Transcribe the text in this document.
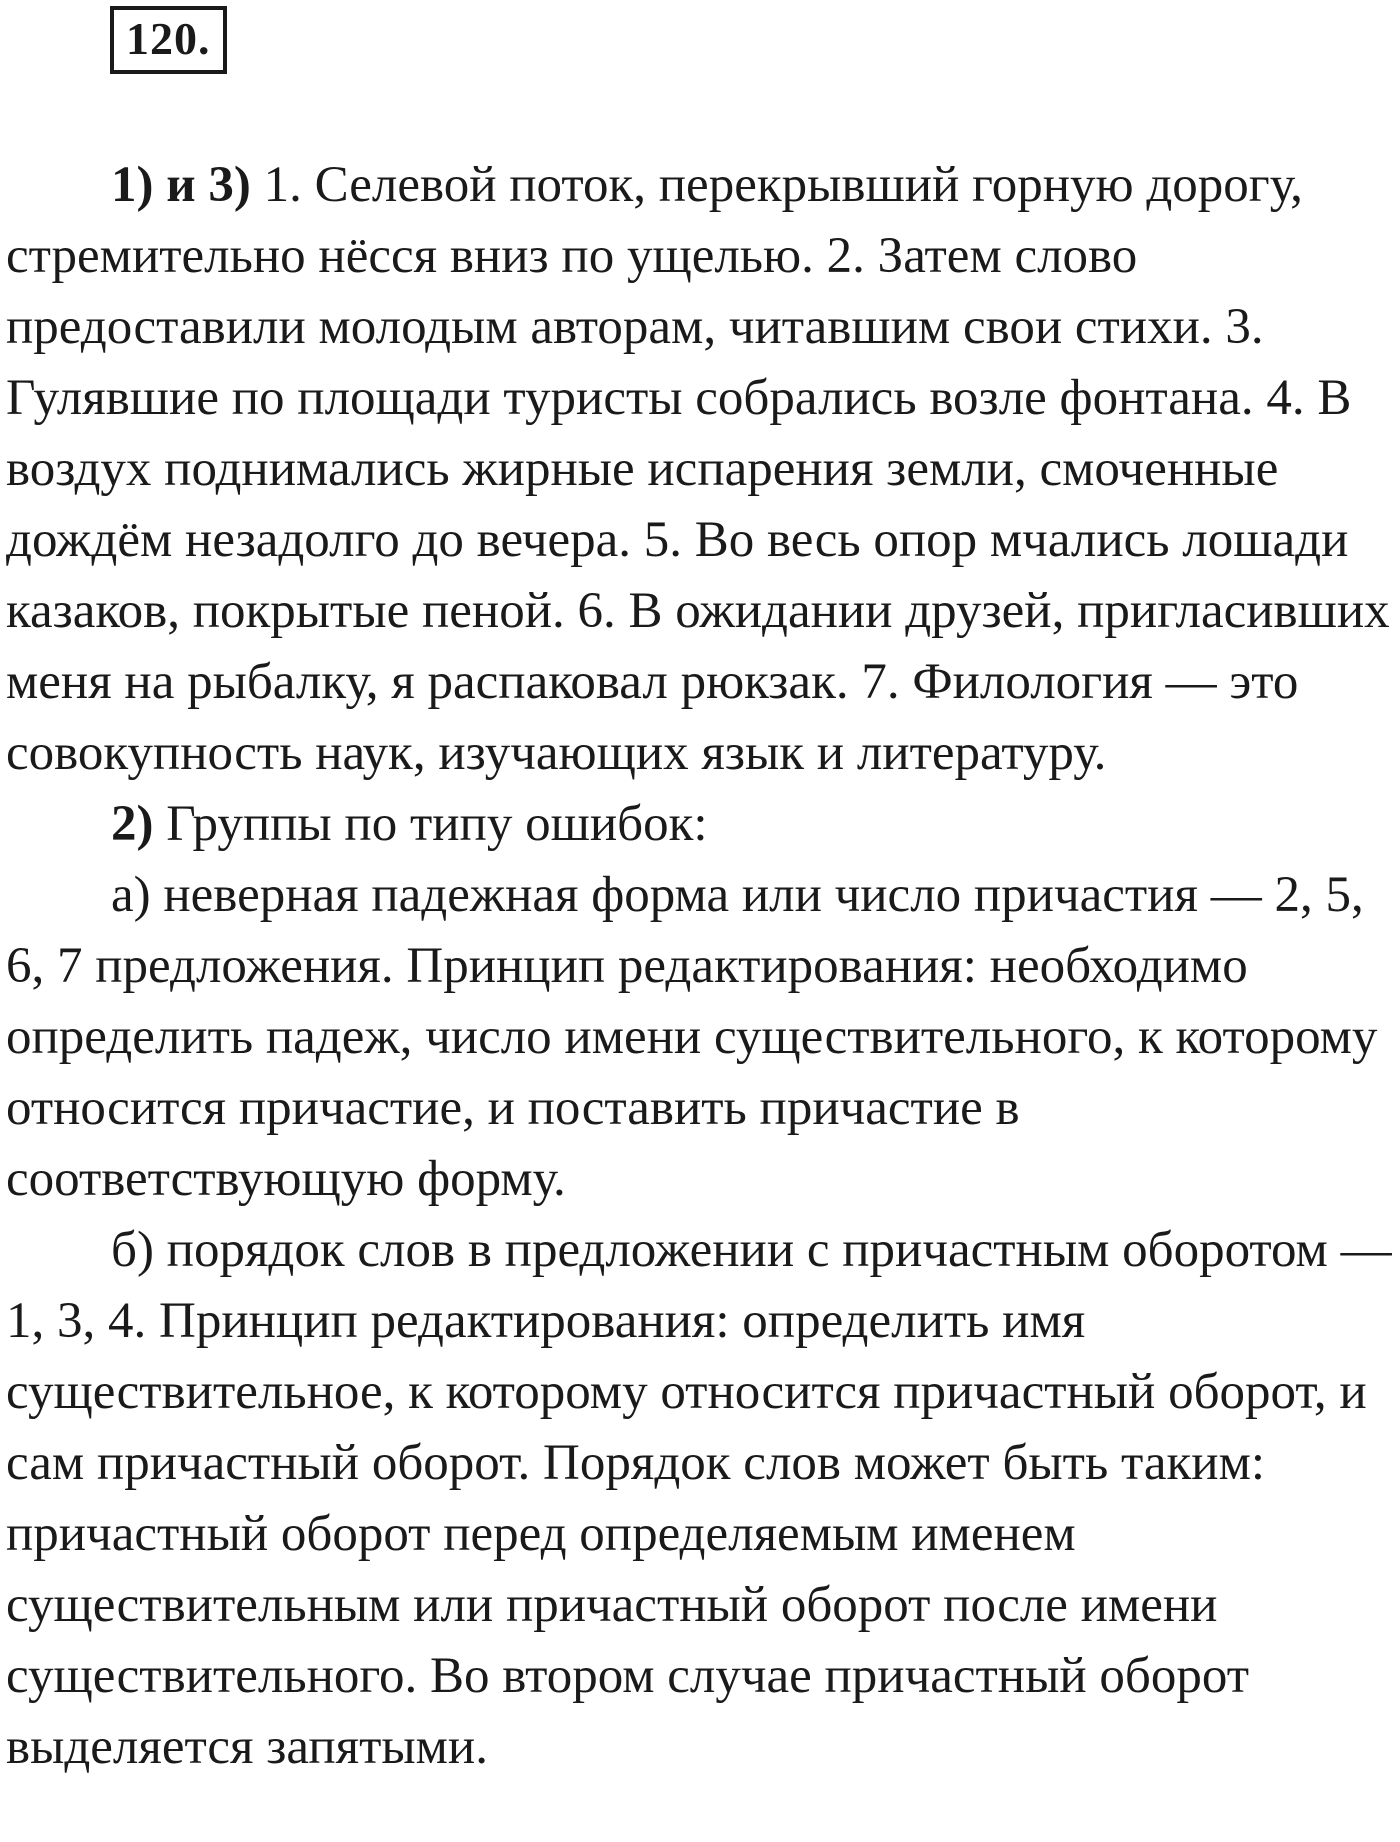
120.

1) и 3) 1. Селевой поток, перекрывший горную дорогу, стремительно нёсся вниз по ущелью. 2. Затем слово предоставили молодым авторам, читавшим свои стихи. 3. Гулявшие по площади туристы собрались возле фонтана. 4. В воздух поднимались жирные испарения земли, смоченные дождём незадолго до вечера. 5. Во весь опор мчались лошади казаков, покрытые пеной. 6. В ожидании друзей, пригласивших меня на рыбалку, я распаковал рюкзак. 7. Филология — это совокупность наук, изучающих язык и литературу.

2) Группы по типу ошибок:

а) неверная падежная форма или число причастия — 2, 5, 6, 7 предложения. Принцип редактирования: необходимо определить падеж, число имени существительного, к которому относится причастие, и поставить причастие в соответствующую форму.

б) порядок слов в предложении с причастным оборотом — 1, 3, 4. Принцип редактирования: определить имя существительное, к которому относится причастный оборот, и сам причастный оборот. Порядок слов может быть таким: причастный оборот перед определяемым именем существительным или причастный оборот после имени существительного. Во втором случае причастный оборот выделяется запятыми.
